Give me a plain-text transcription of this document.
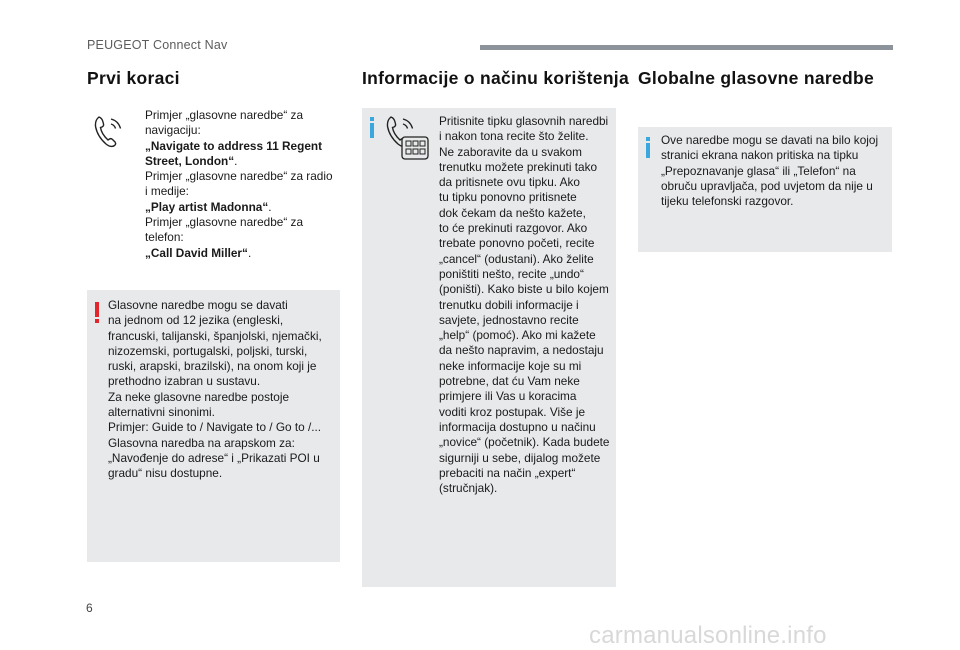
PEUGEOT Connect Nav
Prvi koraci

Primjer „glasovne naredbe“ za

navigaciju:

„Navigate to address 11 Regent

Street, London“.

Primjer „glasovne naredbe“ za radio

i medije:

„Play artist Madonna“.

Primjer „glasovne naredbe“ za

telefon:

„Call David Miller“.

Glasovne naredbe mogu se davati

na jednom od 12 jezika (engleski,

francuski, talijanski, španjolski, njemački,

nizozemski, portugalski, poljski, turski,

ruski, arapski, brazilski), na onom koji je

prethodno izabran u sustavu.

Za neke glasovne naredbe postoje

alternativni sinonimi.

Primjer: Guide to / Navigate to / Go to /...

Glasovna naredba na arapskom za:

„Navođenje do adrese“ i „Prikazati POI u

gradu“ nisu dostupne.

Informacije o načinu korištenja

Pritisnite tipku glasovnih naredbi

i nakon tona recite što želite.

Ne zaboravite da u svakom

trenutku možete prekinuti tako

da pritisnete ovu tipku. Ako

tu tipku ponovno pritisnete

dok čekam da nešto kažete,

to će prekinuti razgovor. Ako

trebate ponovno početi, recite

„cancel“ (odustani). Ako želite

poništiti nešto, recite „undo“

(poništi). Kako biste u bilo kojem

trenutku dobili informacije i

savjete, jednostavno recite

„help“ (pomoć). Ako mi kažete

da nešto napravim, a nedostaju

neke informacije koje su mi

potrebne, dat ću Vam neke

primjere ili Vas u koracima

voditi kroz postupak. Više je

informacija dostupno u načinu

„novice“ (početnik). Kada budete

sigurniji u sebe, dijalog možete

prebaciti na način „expert“

(stručnjak).

Globalne glasovne naredbe

Ove naredbe mogu se davati na bilo kojoj

stranici ekrana nakon pritiska na tipku

„Prepoznavanje glasa“ ili „Telefon“ na

obruču upravljača, pod uvjetom da nije u

tijeku telefonski razgovor.

6
carmanualsonline.info
